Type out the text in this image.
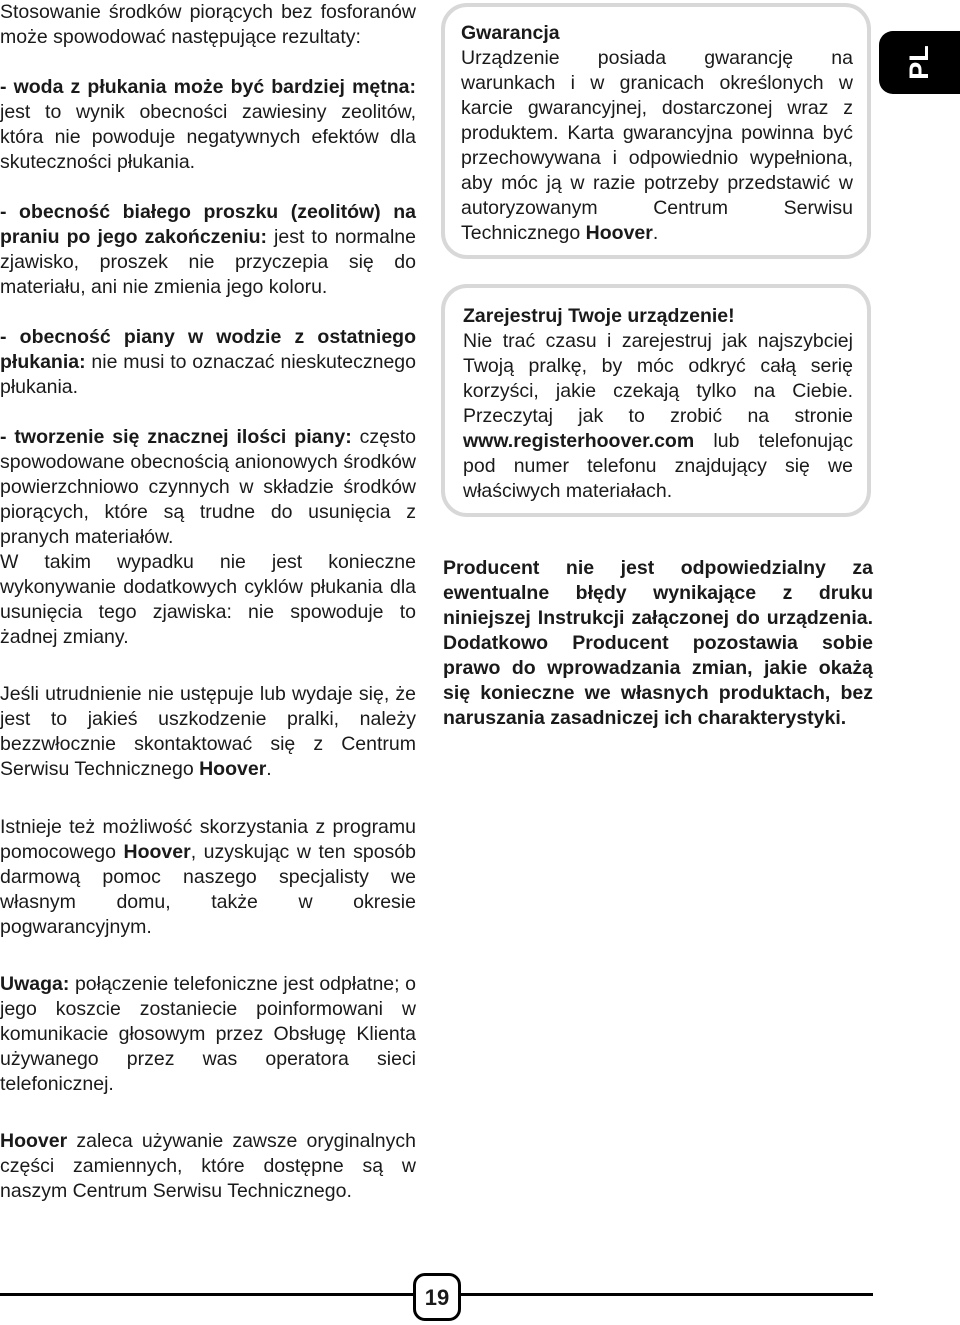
Stosowanie środków piorących bez fosforanów może spowodować następujące rezultaty:

- woda z płukania może być bardziej mętna: jest to wynik obecności zawiesiny zeolitów, która nie powoduje negatywnych efektów dla skuteczności płukania.

- obecność białego proszku (zeolitów) na praniu po jego zakończeniu: jest to normalne zjawisko, proszek nie przyczepia się do materiału, ani nie zmienia jego koloru.

- obecność piany w wodzie z ostatniego płukania: nie musi to oznaczać nieskutecznego płukania.

- tworzenie się znacznej ilości piany: często spowodowane obecnością anionowych środków powierzchniowo czynnych w składzie środków piorących, które są trudne do usunięcia z pranych materiałów.

W takim wypadku nie jest konieczne wykonywanie dodatkowych cyklów płukania dla usunięcia tego zjawiska: nie spowoduje to żadnej zmiany.

Jeśli utrudnienie nie ustępuje lub wydaje się, że jest to jakieś uszkodzenie pralki, należy bezzwłocznie skontaktować się z Centrum Serwisu Technicznego Hoover.

Istnieje też możliwość skorzystania z programu pomocowego Hoover, uzyskując w ten sposób darmową pomoc naszego specjalisty we własnym domu, także w okresie pogwarancyjnym.

Uwaga: połączenie telefoniczne jest odpłatne; o jego koszcie zostaniecie poinformowani w komunikacie głosowym przez Obsługę Klienta używanego przez was operatora sieci telefonicznej.

Hoover zaleca używanie zawsze oryginalnych części zamiennych, które dostępne są w naszym Centrum Serwisu Technicznego.

Gwarancja

Urządzenie posiada gwarancję na warunkach i w granicach określonych w karcie gwarancyjnej, dostarczonej wraz z produktem. Karta gwarancyjna powinna być przechowywana i odpowiednio wypełniona, aby móc ją w razie potrzeby przedstawić w autoryzowanym Centrum Serwisu Technicznego Hoover.

Zarejestruj Twoje urządzenie!

Nie trać czasu i zarejestruj jak najszybciej Twoją pralkę, by móc odkryć całą serię korzyści, jakie czekają tylko na Ciebie. Przeczytaj jak to zrobić na stronie www.registerhoover.com lub telefonując pod numer telefonu znajdujący się we właściwych materiałach.

Producent nie jest odpowiedzialny za ewentualne błędy wynikające z druku niniejszej Instrukcji załączonej do urządzenia. Dodatkowo Producent pozostawia sobie prawo do wprowadzania zmian, jakie okażą się konieczne we własnych produktach, bez naruszania zasadniczej ich charakterystyki.

PL
19
